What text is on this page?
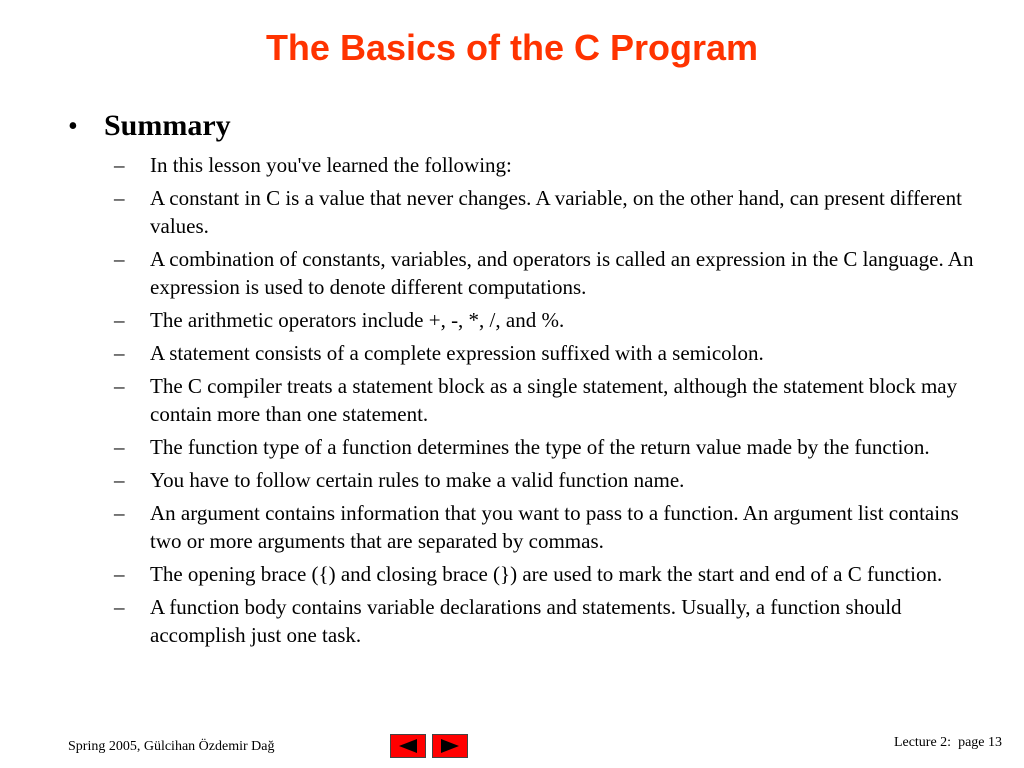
The Basics of the C Program
• Summary
–	In this lesson you've learned the following:
–	A constant in C is a value that never changes. A variable, on the other hand, can present different values.
–	A combination of constants, variables, and operators is called an expression in the C language. An expression is used to denote different computations.
–	The arithmetic operators include +, -, *, /, and %.
–	A statement consists of a complete expression suffixed with a semicolon.
–	The C compiler treats a statement block as a single statement, although the statement block may contain more than one statement.
–	The function type of a function determines the type of the return value made by the function.
–	You have to follow certain rules to make a valid function name.
–	An argument contains information that you want to pass to a function. An argument list contains two or more arguments that are separated by commas.
–	The opening brace ({) and closing brace (}) are used to mark the start and end of a C function.
–	A function body contains variable declarations and statements. Usually, a function should accomplish just one task.
Spring 2005, Gülcihan Özdemir Dağ	Lecture 2:  page 13
